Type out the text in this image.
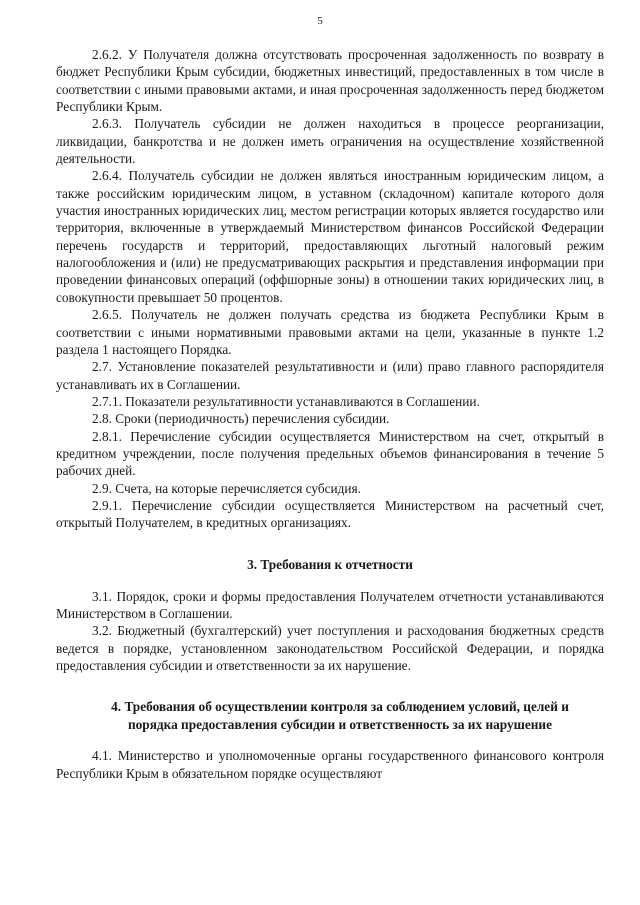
5

2.6.2. У Получателя должна отсутствовать просроченная задолженность по возврату в бюджет Республики Крым субсидии, бюджетных инвестиций, предоставленных в том числе в соответствии с иными правовыми актами, и иная просроченная задолженность перед бюджетом Республики Крым.

2.6.3. Получатель субсидии не должен находиться в процессе реорганизации, ликвидации, банкротства и не должен иметь ограничения на осуществление хозяйственной деятельности.

2.6.4. Получатель субсидии не должен являться иностранным юридическим лицом, а также российским юридическим лицом, в уставном (складочном) капитале которого доля участия иностранных юридических лиц, местом регистрации которых является государство или территория, включенные в утверждаемый Министерством финансов Российской Федерации перечень государств и территорий, предоставляющих льготный налоговый режим налогообложения и (или) не предусматривающих раскрытия и представления информации при проведении финансовых операций (оффшорные зоны) в отношении таких юридических лиц, в совокупности превышает 50 процентов.

2.6.5. Получатель не должен получать средства из бюджета Республики Крым в соответствии с иными нормативными правовыми актами на цели, указанные в пункте 1.2 раздела 1 настоящего Порядка.

2.7. Установление показателей результативности и (или) право главного распорядителя устанавливать их в Соглашении.

2.7.1. Показатели результативности устанавливаются в Соглашении.

2.8. Сроки (периодичность) перечисления субсидии.

2.8.1. Перечисление субсидии осуществляется Министерством на счет, открытый в кредитном учреждении, после получения предельных объемов финансирования в течение 5 рабочих дней.

2.9. Счета, на которые перечисляется субсидия.

2.9.1. Перечисление субсидии осуществляется Министерством на расчетный счет, открытый Получателем, в кредитных организациях.

3. Требования к отчетности

3.1. Порядок, сроки и формы предоставления Получателем отчетности устанавливаются Министерством в Соглашении.

3.2. Бюджетный (бухгалтерский) учет поступления и расходования бюджетных средств ведется в порядке, установленном законодательством Российской Федерации, и порядка предоставления субсидии и ответственности за их нарушение.

4. Требования об осуществлении контроля за соблюдением условий, целей и порядка предоставления субсидии и ответственность за их нарушение

4.1. Министерство и уполномоченные органы государственного финансового контроля Республики Крым в обязательном порядке осуществляют
